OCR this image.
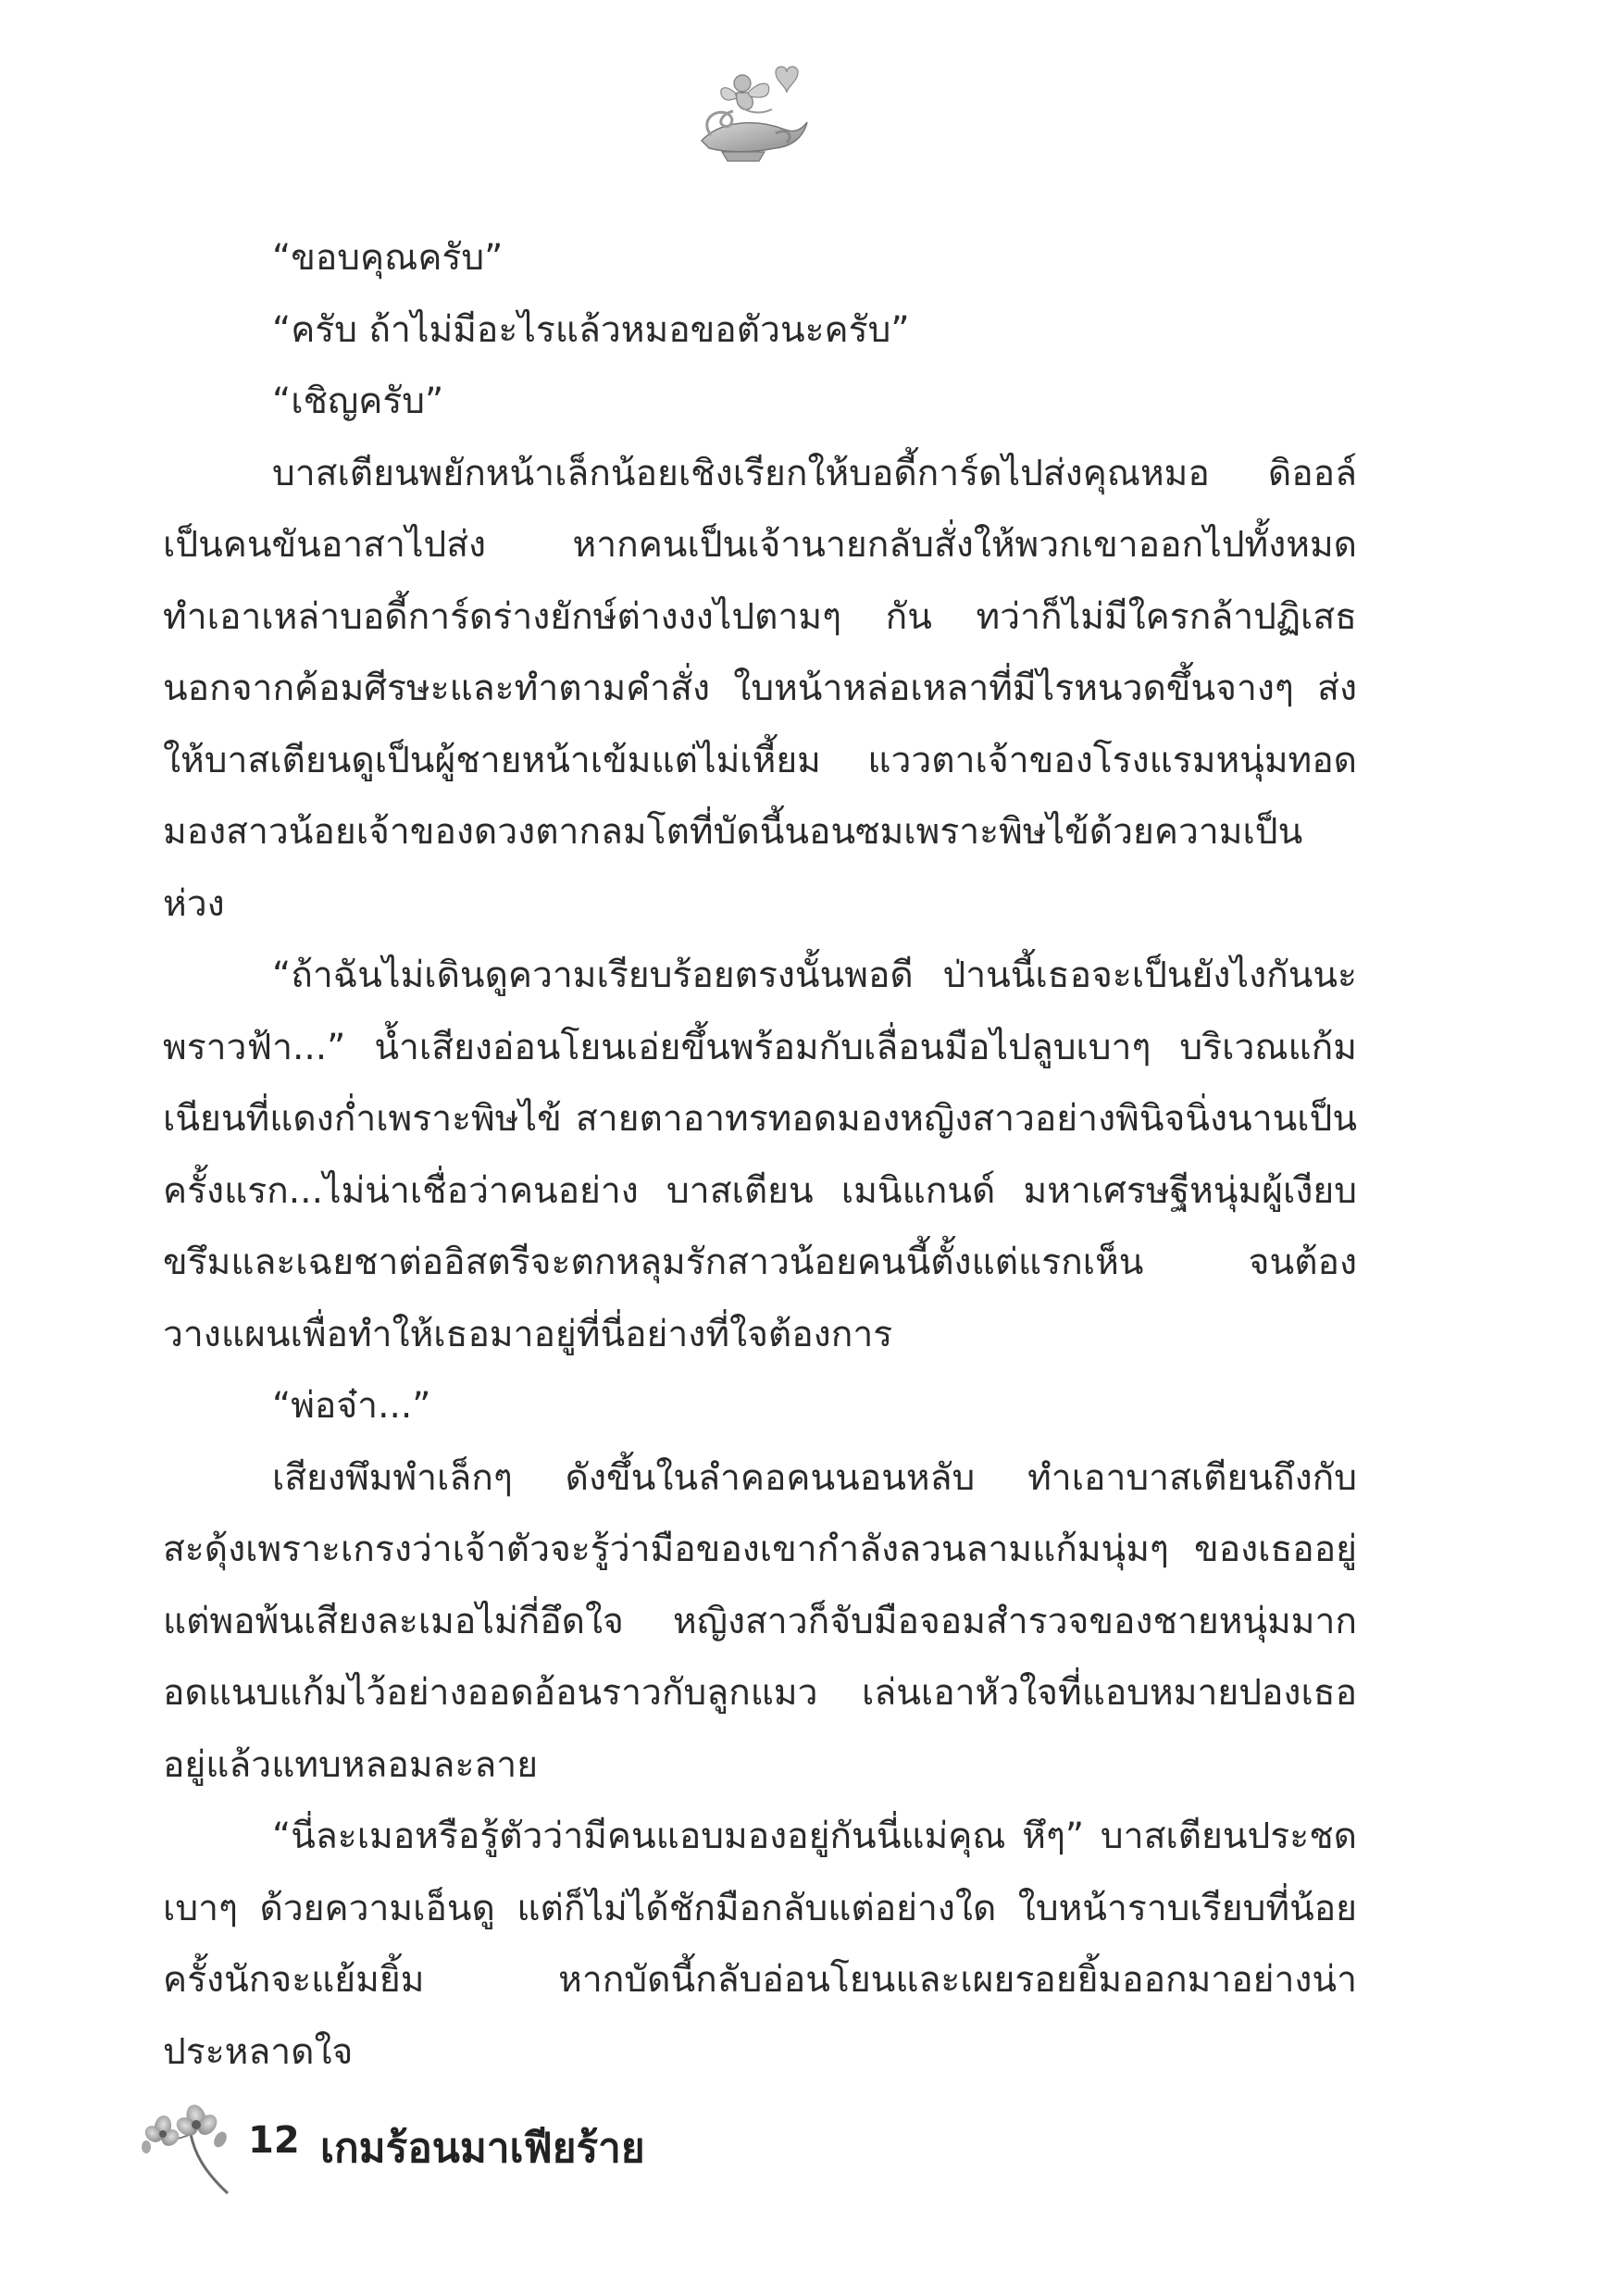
“ขอบคุณครับ”

“ครับ ถ้าไม่มีอะไรแล้วหมอขอตัวนะครับ”

“เชิญครับ”

บาสเตียนพยักหน้าเล็กน้อยเชิงเรียกให้บอดี้การ์ดไปส่งคุณหมอ ดิออล์เป็นคนขันอาสาไปส่ง หากคนเป็นเจ้านายกลับสั่งให้พวกเขาออกไปทั้งหมด ทำเอาเหล่าบอดี้การ์ดร่างยักษ์ต่างงงไปตามๆ กัน ทว่าก็ไม่มีใครกล้าปฏิเสธนอกจากค้อมศีรษะและทำตามคำสั่ง ใบหน้าหล่อเหลาที่มีไรหนวดขึ้นจางๆ ส่งให้บาสเตียนดูเป็นผู้ชายหน้าเข้มแต่ไม่เหี้ยม แววตาเจ้าของโรงแรมหนุ่มทอดมองสาวน้อยเจ้าของดวงตากลมโตที่บัดนี้นอนซมเพราะพิษไข้ด้วยความเป็นห่วง

“ถ้าฉันไม่เดินดูความเรียบร้อยตรงนั้นพอดี ป่านนี้เธอจะเป็นยังไงกันนะพราวฟ้า...” น้ำเสียงอ่อนโยนเอ่ยขึ้นพร้อมกับเลื่อนมือไปลูบเบาๆ บริเวณแก้มเนียนที่แดงก่ำเพราะพิษไข้ สายตาอาทรทอดมองหญิงสาวอย่างพินิจนิ่งนานเป็นครั้งแรก...ไม่น่าเชื่อว่าคนอย่าง บาสเตียน เมนิแกนด์ มหาเศรษฐีหนุ่มผู้เงียบขรึมและเฉยชาต่ออิสตรีจะตกหลุมรักสาวน้อยคนนี้ตั้งแต่แรกเห็น จนต้องวางแผนเพื่อทำให้เธอมาอยู่ที่นี่อย่างที่ใจต้องการ

“พ่อจ๋า...”

เสียงพึมพำเล็กๆ ดังขึ้นในลำคอคนนอนหลับ ทำเอาบาสเตียนถึงกับสะดุ้งเพราะเกรงว่าเจ้าตัวจะรู้ว่ามือของเขากำลังลวนลามแก้มนุ่มๆ ของเธออยู่ แต่พอพ้นเสียงละเมอไม่กี่อึดใจ หญิงสาวก็จับมือจอมสำรวจของชายหนุ่มมากอดแนบแก้มไว้อย่างออดอ้อนราวกับลูกแมว เล่นเอาหัวใจที่แอบหมายปองเธออยู่แล้วแทบหลอมละลาย

“นี่ละเมอหรือรู้ตัวว่ามีคนแอบมองอยู่กันนี่แม่คุณ หึๆ” บาสเตียนประชดเบาๆ ด้วยความเอ็นดู แต่ก็ไม่ได้ชักมือกลับแต่อย่างใด ใบหน้าราบเรียบที่น้อยครั้งนักจะแย้มยิ้ม หากบัดนี้กลับอ่อนโยนและเผยรอยยิ้มออกมาอย่างน่าประหลาดใจ

12 เกมร้อนมาเฟียร้าย
